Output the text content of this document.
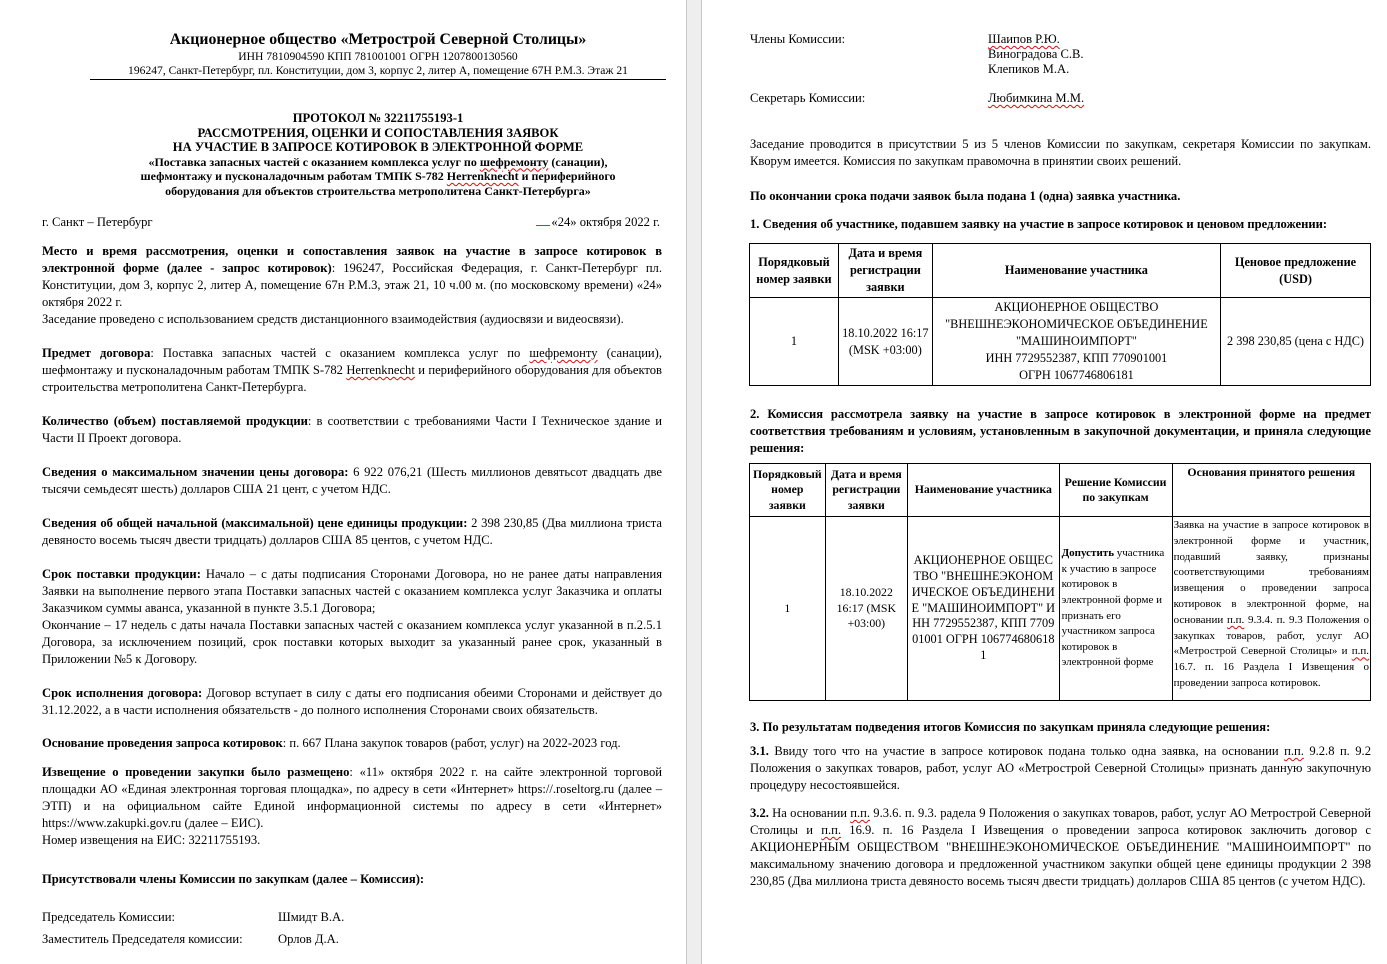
Акционерное общество «Метрострой Северной Столицы»
ИНН 7810904590 КПП 781001001 ОГРН 1207800130560
196247, Санкт-Петербург, пл. Конституции, дом 3, корпус 2, литер А, помещение 67Н Р.М.3. Этаж 21
ПРОТОКОЛ № 32211755193-1
РАССМОТРЕНИЯ, ОЦЕНКИ И СОПОСТАВЛЕНИЯ ЗАЯВОК
НА УЧАСТИЕ В ЗАПРОСЕ КОТИРОВОК В ЭЛЕКТРОННОЙ ФОРМЕ
«Поставка запасных частей с оказанием комплекса услуг по шефремонту (санации),
шефмонтажу и пусконаладочным работам ТМПК S-782 Herrenknecht и периферийного
оборудования для объектов строительства метрополитена Санкт-Петербурга»
г. Санкт – Петербург	«24» октября 2022 г.
Место и время рассмотрения, оценки и сопоставления заявок на участие в запросе котировок в электронной форме (далее - запрос котировок): 196247, Российская Федерация, г. Санкт-Петербург пл. Конституции, дом 3, корпус 2, литер А, помещение 67н Р.М.3, этаж 21, 10 ч.00 м. (по московскому времени) «24» октября 2022 г.
Заседание проведено с использованием средств дистанционного взаимодействия (аудиосвязи и видеосвязи).
Предмет договора: Поставка запасных частей с оказанием комплекса услуг по шефремонту (санации), шефмонтажу и пусконаладочным работам ТМПК S-782 Herrenknecht и периферийного оборудования для объектов строительства метрополитена Санкт-Петербурга.
Количество (объем) поставляемой продукции: в соответствии с требованиями Части I Техническое здание и Части II Проект договора.
Сведения о максимальном значении цены договора: 6 922 076,21 (Шесть миллионов девятьсот двадцать две тысячи семьдесят шесть) долларов США 21 цент, с учетом НДС.
Сведения об общей начальной (максимальной) цене единицы продукции: 2 398 230,85 (Два миллиона триста девяносто восемь тысяч двести тридцать) долларов США 85 центов, с учетом НДС.
Срок поставки продукции: Начало – с даты подписания Сторонами Договора, но не ранее даты направления Заявки на выполнение первого этапа Поставки запасных частей с оказанием комплекса услуг Заказчика и оплаты Заказчиком суммы аванса, указанной в пункте 3.5.1 Договора;
Окончание – 17 недель с даты начала Поставки запасных частей с оказанием комплекса услуг указанной в п.2.5.1 Договора, за исключением позиций, срок поставки которых выходит за указанный ранее срок, указанный в Приложении №5 к Договору.
Срок исполнения договора: Договор вступает в силу с даты его подписания обеими Сторонами и действует до 31.12.2022, а в части исполнения обязательств - до полного исполнения Сторонами своих обязательств.
Основание проведения запроса котировок: п. 667 Плана закупок товаров (работ, услуг) на 2022-2023 год.
Извещение о проведении закупки было размещено: «11» октября 2022 г. на сайте электронной торговой площадки АО «Единая электронная торговая площадка», по адресу в сети «Интернет» https://.roseltorg.ru (далее – ЭТП) и на официальном сайте Единой информационной системы по адресу в сети «Интернет» https://www.zakupki.gov.ru (далее – ЕИС).
Номер извещения на ЕИС: 32211755193.
Присутствовали члены Комиссии по закупкам (далее – Комиссия):
Председатель Комиссии:	Шмидт В.А.
Заместитель Председателя комиссии:	Орлов Д.А.
Члены Комиссии:	Шаипов Р.Ю.

Виноградова С.В.
Клепиков М.А.
Секретарь Комиссии:	Любимкина М.М.
Заседание проводится в присутствии 5 из 5 членов Комиссии по закупкам, секретаря Комиссии по закупкам. Кворум имеется. Комиссия по закупкам правомочна в принятии своих решений.
По окончании срока подачи заявок была подана 1 (одна) заявка участника.
1. Сведения об участнике, подавшем заявку на участие в запросе котировок и ценовом предложении:
Порядковый номер заявки	Дата и время регистрации заявки	Наименование участника	Ценовое предложение (USD)
1	18.10.2022 16:17 (MSK +03:00)	АКЦИОНЕРНОЕ ОБЩЕСТВО
"ВНЕШНЕЭКОНОМИЧЕСКОЕ ОБЪЕДИНЕНИЕ
"МАШИНОИМПОРТ"
ИНН 7729552387, КПП 770901001
ОГРН 1067746806181	2 398 230,85 (цена с НДС)
2. Комиссия рассмотрела заявку на участие в запросе котировок в электронной форме на предмет соответствия требованиям и условиям, установленным в закупочной документации, и приняла следующие решения:
Порядковый номер заявки	Дата и время регистрации заявки	Наименование участника	Решение Комиссии по закупкам	Основания принятого решения
1	18.10.2022 16:17 (MSK +03:00)	АКЦИОНЕРНОЕ ОБЩЕСТВО "ВНЕШНЕЭКОНОМИЧЕСКОЕ ОБЪЕДИНЕНИЕ "МАШИНОИМПОРТ" ИНН 7729552387, КПП 770901001 ОГРН 1067746806181	Допустить участника к участию в запросе котировок в электронной форме и признать его участником запроса котировок в электронной форме	Заявка на участие в запросе котировок в электронной форме и участник, подавший заявку, признаны соответствующими требованиям извещения о проведении запроса котировок в электронной форме, на основании п.п. 9.3.4. п. 9.3 Положения о закупках товаров, работ, услуг АО «Метрострой Северной Столицы» и п.п. 16.7. п. 16 Раздела I Извещения о проведении запроса котировок.
3. По результатам подведения итогов Комиссия по закупкам приняла следующие решения:
3.1. Ввиду того что на участие в запросе котировок подана только одна заявка, на основании п.п. 9.2.8 п. 9.2 Положения о закупках товаров, работ, услуг АО «Метрострой Северной Столицы» признать данную закупочную процедуру несостоявшейся.
3.2. На основании п.п. 9.3.6. п. 9.3. радела 9 Положения о закупках товаров, работ, услуг АО Метрострой Северной Столицы и п.п. 16.9. п. 16 Раздела I Извещения о проведении запроса котировок заключить договор с АКЦИОНЕРНЫМ ОБЩЕСТВОМ "ВНЕШНЕЭКОНОМИЧЕСКОЕ ОБЪЕДИНЕНИЕ "МАШИНОИМПОРТ" по максимальному значению договора и предложенной участником закупки общей цене единицы продукции 2 398 230,85 (Два миллиона триста девяносто восемь тысяч двести тридцать) долларов США 85 центов (с учетом НДС).
